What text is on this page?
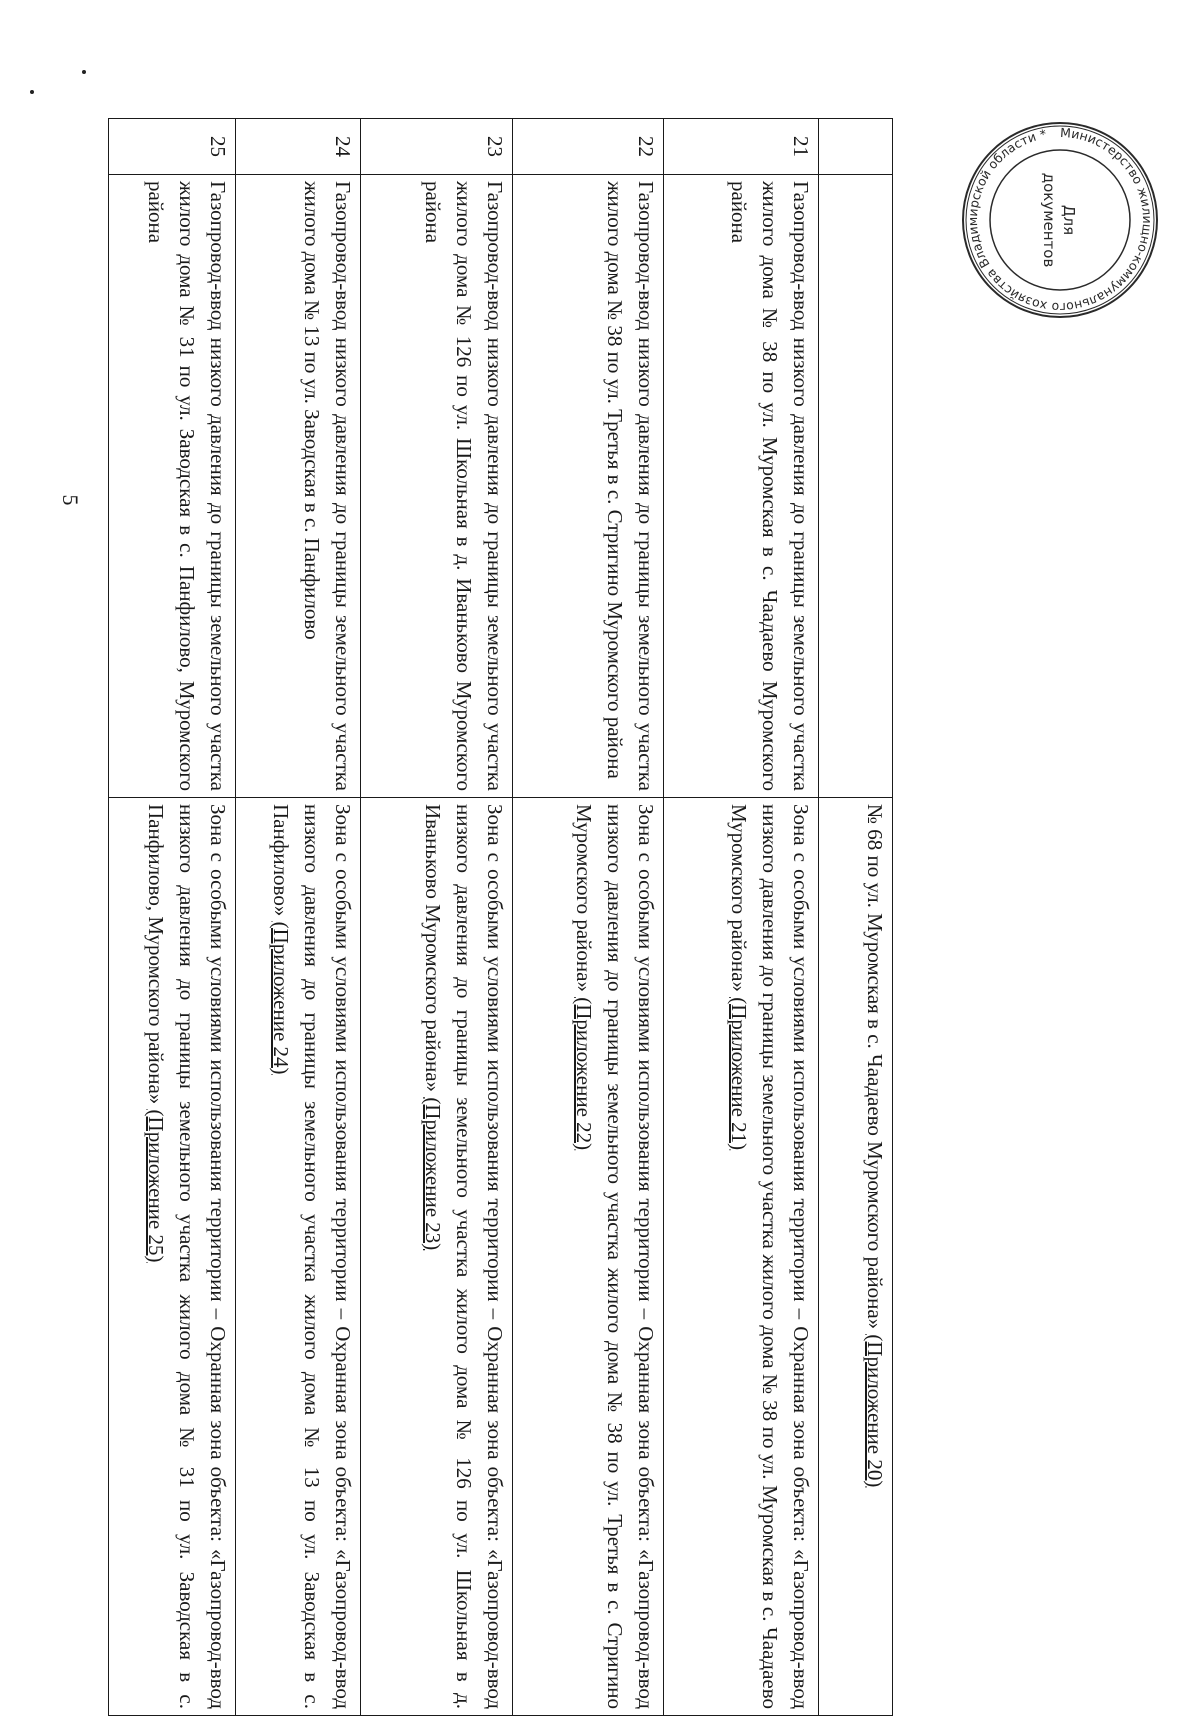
5
		№ 68 по ул. Муромская в с. Чаадаево Муромского района» (Приложение 20)
21	Газопровод-ввод низкого давления до границы земельного участка жилого дома № 38 по ул. Муромская в с. Чаадаево Муромского района	Зона с особыми условиями использования территории – Охранная зона объекта: «Газопровод-ввод низкого давления до границы земельного участка жилого дома № 38 по ул. Муромская в с. Чаадаево Муромского района» (Приложение 21)
22	Газопровод-ввод низкого давления до границы земельного участка жилого дома № 38 по ул. Третья в с. Стригино Муромского района	Зона с особыми условиями использования территории – Охранная зона объекта: «Газопровод-ввод низкого давления до границы земельного участка жилого дома № 38 по ул. Третья в с. Стригино Муромского района» (Приложение 22)
23	Газопровод-ввод низкого давления до границы земельного участка жилого дома № 126 по ул. Школьная в д. Иваньково Муромского района	Зона с особыми условиями использования территории – Охранная зона объекта: «Газопровод-ввод низкого давления до границы земельного участка жилого дома № 126 по ул. Школьная в д. Иваньково Муромского района» (Приложение 23)
24	Газопровод-ввод низкого давления до границы земельного участка жилого дома № 13 по ул. Заводская в с. Панфилово	Зона с особыми условиями использования территории – Охранная зона объекта: «Газопровод-ввод низкого давления до границы земельного участка жилого дома № 13 по ул. Заводская в с. Панфилово» (Приложение 24)
25	Газопровод-ввод низкого давления до границы земельного участка жилого дома № 31 по ул. Заводская в с. Панфилово, Муромского района	Зона с особыми условиями использования территории – Охранная зона объекта: «Газопровод-ввод низкого давления до границы земельного участка жилого дома № 31 по ул. Заводская в с. Панфилово, Муромского района» (Приложение 25)
Министерство жилищно-коммунального хозяйства Владимирской области *
Для
документов
